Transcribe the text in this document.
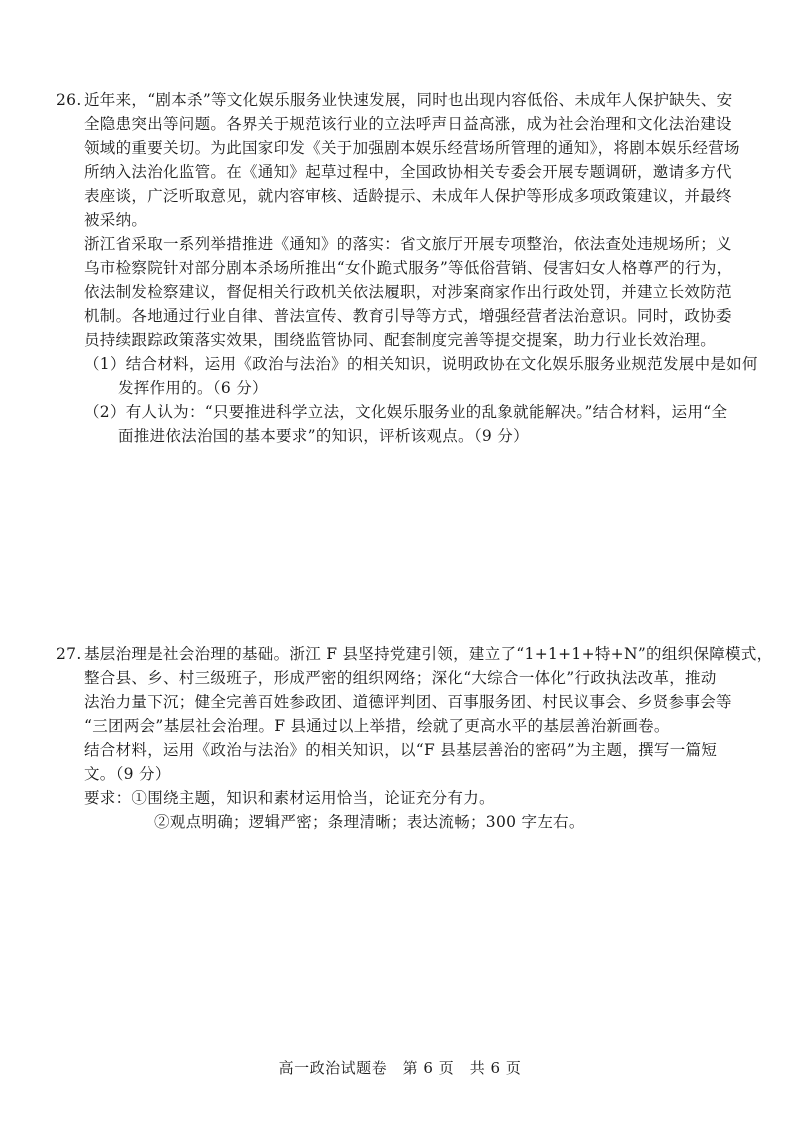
26. 近年来，“剧本杀”等文化娱乐服务业快速发展，同时也出现内容低俗、未成年人保护缺失、安
全隐患突出等问题。各界关于规范该行业的立法呼声日益高涨，成为社会治理和文化法治建设
领域的重要关切。为此国家印发《关于加强剧本娱乐经营场所管理的通知》，将剧本娱乐经营场
所纳入法治化监管。在《通知》起草过程中，全国政协相关专委会开展专题调研，邀请多方代
表座谈，广泛听取意见，就内容审核、适龄提示、未成年人保护等形成多项政策建议，并最终
被采纳。
浙江省采取一系列举措推进《通知》的落实：省文旅厅开展专项整治，依法查处违规场所；义
乌市检察院针对部分剧本杀场所推出“女仆跪式服务”等低俗营销、侵害妇女人格尊严的行为，
依法制发检察建议，督促相关行政机关依法履职，对涉案商家作出行政处罚，并建立长效防范
机制。各地通过行业自律、普法宣传、教育引导等方式，增强经营者法治意识。同时，政协委
员持续跟踪政策落实效果，围绕监管协同、配套制度完善等提交提案，助力行业长效治理。
（1）结合材料，运用《政治与法治》的相关知识，说明政协在文化娱乐服务业规范发展中是如何
发挥作用的。（6 分）
（2）有人认为：“只要推进科学立法，文化娱乐服务业的乱象就能解决。”结合材料，运用“全
面推进依法治国的基本要求”的知识，评析该观点。（9 分）
27. 基层治理是社会治理的基础。浙江 F 县坚持党建引领，建立了“1+1+1+特+N”的组织保障模式，
整合县、乡、村三级班子，形成严密的组织网络；深化“大综合一体化”行政执法改革，推动
法治力量下沉；健全完善百姓参政团、道德评判团、百事服务团、村民议事会、乡贤参事会等
“三团两会”基层社会治理。F 县通过以上举措，绘就了更高水平的基层善治新画卷。
结合材料，运用《政治与法治》的相关知识，以“F 县基层善治的密码”为主题，撰写一篇短
文。（9 分）
要求：①围绕主题，知识和素材运用恰当，论证充分有力。
②观点明确；逻辑严密；条理清晰；表达流畅；300 字左右。
高一政治试题卷　第 6 页　共 6 页
